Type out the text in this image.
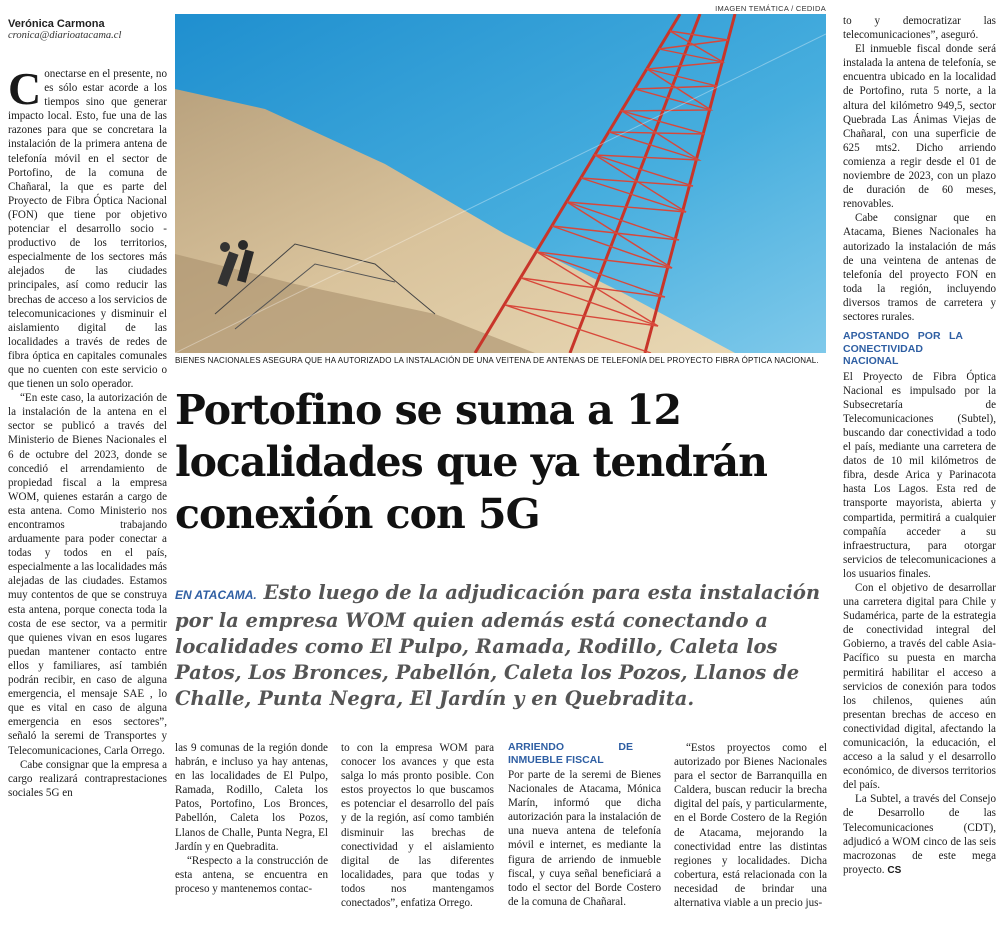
Verónica Carmona
cronica@diarioatacama.cl

Conectarse en el presente, no es sólo estar acorde a los tiempos sino que generar impacto local. Esto, fue una de las razones para que se concretara la instalación de la primera antena de telefonía móvil en el sector de Portofino, de la comuna de Chañaral, la que es parte del Proyecto de Fibra Óptica Nacional (FON) que tiene por objetivo potenciar el desarrollo socio - productivo de los territorios, especialmente de los sectores más alejados de las ciudades principales, así como reducir las brechas de acceso a los servicios de telecomunicaciones y disminuir el aislamiento digital de las localidades a través de redes de fibra óptica en capitales comunales que no cuenten con este servicio o que tienen un solo operador.

“En este caso, la autorización de la instalación de la antena en el sector se publicó a través del Ministerio de Bienes Nacionales el 6 de octubre del 2023, donde se concedió el arrendamiento de propiedad fiscal a la empresa WOM, quienes estarán a cargo de esta antena. Como Ministerio nos encontramos trabajando arduamente para poder conectar a todas y todos en el país, especialmente a las localidades más alejadas de las ciudades. Estamos muy contentos de que se construya esta antena, porque conecta toda la costa de ese sector, va a permitir que quienes vivan en esos lugares puedan mantener contacto entre ellos y familiares, así también podrán recibir, en caso de alguna emergencia, el mensaje SAE , lo que es vital en caso de alguna emergencia en esos sectores”, señaló la seremi de Transportes y Telecomunicaciones, Carla Orrego.

Cabe consignar que la empresa a cargo realizará contraprestaciones sociales 5G en

IMAGEN TEMÁTICA / CEDIDA
BIENES NACIONALES ASEGURA QUE HA AUTORIZADO LA INSTALACIÓN DE UNA VEITENA DE ANTENAS DE TELEFONÍA DEL PROYECTO FIBRA ÓPTICA NACIONAL.
Portofino se suma a 12
localidades que ya tendrán
conexión con 5G
EN ATACAMA. Esto luego de la adjudicación para esta instalación por la empresa WOM quien además está conectando a localidades como El Pulpo, Ramada, Rodillo, Caleta los Patos, Los Bronces, Pabellón, Caleta los Pozos, Llanos de Challe, Punta Negra, El Jardín y en Quebradita.

las 9 comunas de la región donde habrán, e incluso ya hay antenas, en las localidades de El Pulpo, Ramada, Rodillo, Caleta los Patos, Portofino, Los Bronces, Pabellón, Caleta los Pozos, Llanos de Challe, Punta Negra, El Jardín y en Quebradita.

“Respecto a la construcción de esta antena, se encuentra en proceso y mantenemos contac-

to con la empresa WOM para conocer los avances y que esta salga lo más pronto posible. Con estos proyectos lo que buscamos es potenciar el desarrollo del país y de la región, así como también disminuir las brechas de conectividad y el aislamiento digital de las diferentes localidades, para que todas y todos nos mantengamos conectados”, enfatiza Orrego.

ARRIENDO DE INMUEBLE FISCAL

Por parte de la seremi de Bienes Nacionales de Atacama, Mónica Marín, informó que dicha autorización para la instalación de una nueva antena de telefonía móvil e internet, es mediante la figura de arriendo de inmueble fiscal, y cuya señal beneficiará a todo el sector del Borde Costero de la comuna de Chañaral.

“Estos proyectos como el autorizado por Bienes Nacionales para el sector de Barranquilla en Caldera, buscan reducir la brecha digital del país, y particularmente, en el Borde Costero de la Región de Atacama, mejorando la conectividad entre las distintas regiones y localidades. Dicha cobertura, está relacionada con la necesidad de brindar una alternativa viable a un precio jus-

to y democratizar las telecomunicaciones”, aseguró.

El inmueble fiscal donde será instalada la antena de telefonía, se encuentra ubicado en la localidad de Portofino, ruta 5 norte, a la altura del kilómetro 949,5, sector Quebrada Las Ánimas Viejas de Chañaral, con una superficie de 625 mts2. Dicho arriendo comienza a regir desde el 01 de noviembre de 2023, con un plazo de duración de 60 meses, renovables.

Cabe consignar que en Atacama, Bienes Nacionales ha autorizado la instalación de más de una veintena de antenas de telefonía del proyecto FON en toda la región, incluyendo diversos tramos de carretera y sectores rurales.

APOSTANDO POR LA CONECTIVIDAD NACIONAL

El Proyecto de Fibra Óptica Nacional es impulsado por la Subsecretaría de Telecomunicaciones (Subtel), buscando dar conectividad a todo el país, mediante una carretera de datos de 10 mil kilómetros de fibra, desde Arica y Parinacota hasta Los Lagos. Esta red de transporte mayorista, abierta y compartida, permitirá a cualquier compañía acceder a su infraestructura, para otorgar servicios de telecomunicaciones a los usuarios finales.

Con el objetivo de desarrollar una carretera digital para Chile y Sudamérica, parte de la estrategia de conectividad integral del Gobierno, a través del cable Asia-Pacífico su puesta en marcha permitirá habilitar el acceso a servicios de conexión para todos los chilenos, quienes aún presentan brechas de acceso en conectividad digital, afectando la comunicación, la educación, el acceso a la salud y el desarrollo económico, de diversos territorios del país.

La Subtel, a través del Consejo de Desarrollo de las Telecomunicaciones (CDT), adjudicó a WOM cinco de las seis macrozonas de este mega proyecto. CS
